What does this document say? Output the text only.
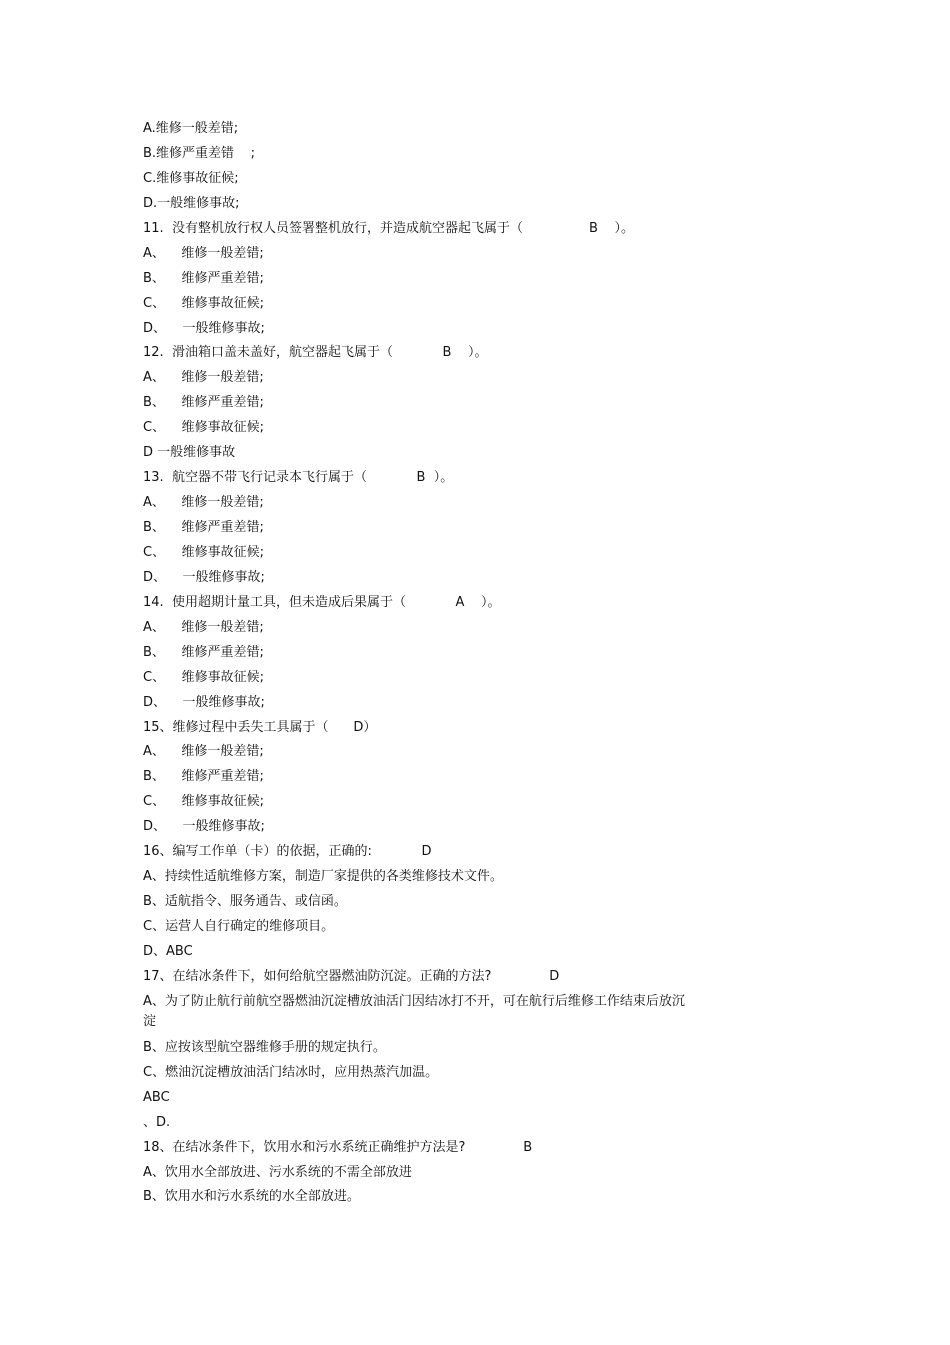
A.维修一般差错;
B.维修严重差错    ;
C.维修事故征候;
D.一般维修事故;
11.  没有整机放行权人员签署整机放行，并造成航空器起飞属于（                B    ）。
A、    维修一般差错;
B、    维修严重差错;
C、    维修事故征候;
D、    一般维修事故;
12.  滑油箱口盖未盖好，航空器起飞属于（            B    ）。
A、    维修一般差错;
B、    维修严重差错;
C、    维修事故征候;
D 一般维修事故
13.  航空器不带飞行记录本飞行属于（            B  ）。
A、    维修一般差错;
B、    维修严重差错;
C、    维修事故征候;
D、    一般维修事故;
14.  使用超期计量工具，但未造成后果属于（            A    ）。
A、    维修一般差错;
B、    维修严重差错;
C、    维修事故征候;
D、    一般维修事故;
15、维修过程中丢失工具属于（      D）
A、    维修一般差错;
B、    维修严重差错;
C、    维修事故征候;
D、    一般维修事故;
16、编写工作单（卡）的依据，正确的:            D
A、持续性适航维修方案，制造厂家提供的各类维修技术文件。
B、适航指令、服务通告、或信函。
C、运营人自行确定的维修项目。
D、ABC
17、在结冰条件下，如何给航空器燃油防沉淀。正确的方法?              D
A、为了防止航行前航空器燃油沉淀槽放油活门因结冰打不开，可在航行后维修工作结束后放沉
淀
B、应按该型航空器维修手册的规定执行。
C、燃油沉淀槽放油活门结冰时，应用热蒸汽加温。
ABC
、D.
18、在结冰条件下，饮用水和污水系统正确维护方法是?              B
A、饮用水全部放进、污水系统的不需全部放进
B、饮用水和污水系统的水全部放进。
